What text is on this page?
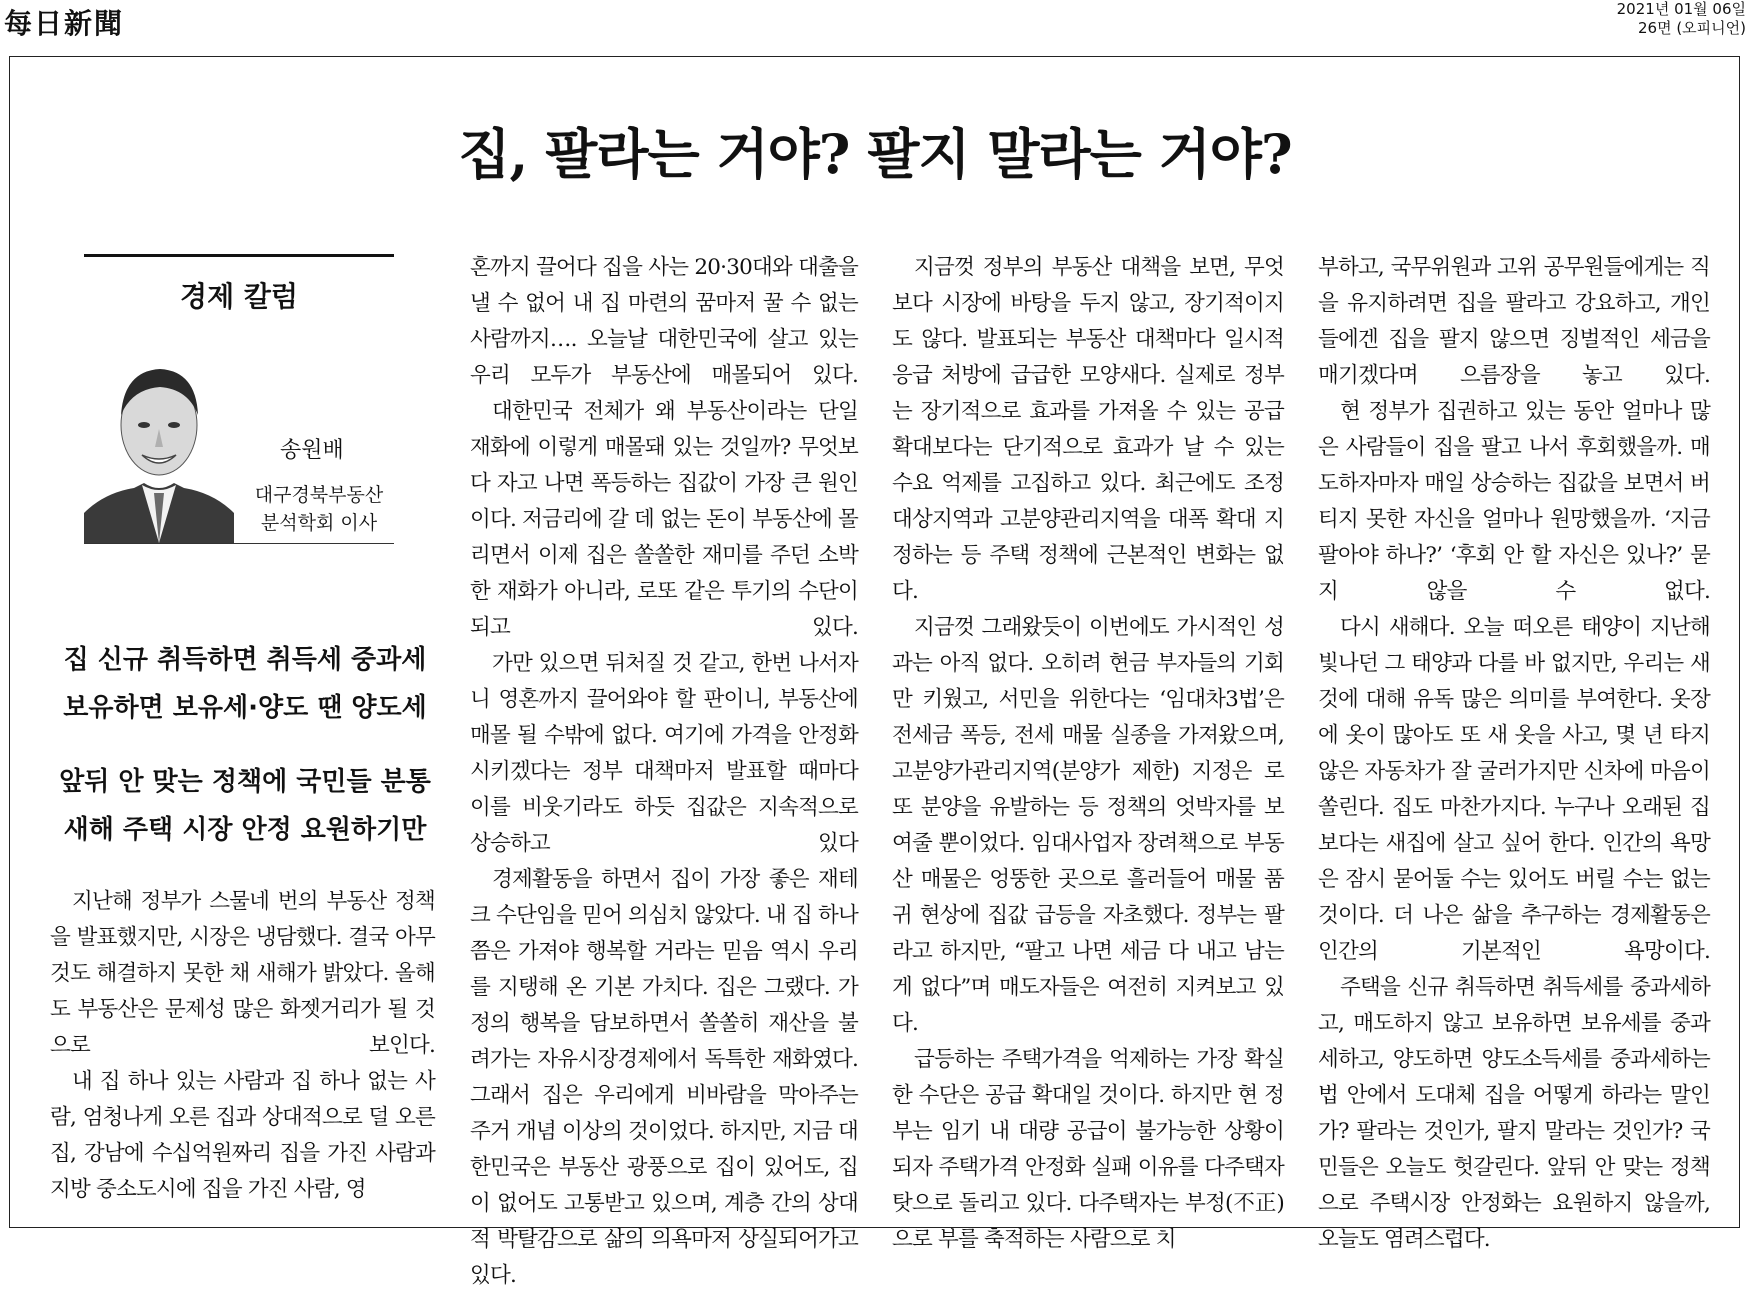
每日新聞	2021년 01월 06일
26면 (오피니언)
집, 팔라는 거야? 팔지 말라는 거야?
경제 칼럼
송원배
대구경북부동산
분석학회 이사
집 신규 취득하면 취득세 중과세
보유하면 보유세·양도 땐 양도세
앞뒤 안 맞는 정책에 국민들 분통
새해 주택 시장 안정 요원하기만

지난해 정부가 스물네 번의 부동산 정책을 발표했지만, 시장은 냉담했다. 결국 아무것도 해결하지 못한 채 새해가 밝았다. 올해도 부동산은 문제성 많은 화젯거리가 될 것으로 보인다.

내 집 하나 있는 사람과 집 하나 없는 사람, 엄청나게 오른 집과 상대적으로 덜 오른 집, 강남에 수십억원짜리 집을 가진 사람과 지방 중소도시에 집을 가진 사람, 영

혼까지 끌어다 집을 사는 20·30대와 대출을 낼 수 없어 내 집 마련의 꿈마저 꿀 수 없는 사람까지…. 오늘날 대한민국에 살고 있는 우리 모두가 부동산에 매몰되어 있다.

대한민국 전체가 왜 부동산이라는 단일 재화에 이렇게 매몰돼 있는 것일까? 무엇보다 자고 나면 폭등하는 집값이 가장 큰 원인이다. 저금리에 갈 데 없는 돈이 부동산에 몰리면서 이제 집은 쏠쏠한 재미를 주던 소박한 재화가 아니라, 로또 같은 투기의 수단이 되고 있다.

가만 있으면 뒤처질 것 같고, 한번 나서자니 영혼까지 끌어와야 할 판이니, 부동산에 매몰 될 수밖에 없다. 여기에 가격을 안정화시키겠다는 정부 대책마저 발표할 때마다 이를 비웃기라도 하듯 집값은 지속적으로 상승하고 있다

경제활동을 하면서 집이 가장 좋은 재테크 수단임을 믿어 의심치 않았다. 내 집 하나쯤은 가져야 행복할 거라는 믿음 역시 우리를 지탱해 온 기본 가치다. 집은 그랬다. 가정의 행복을 담보하면서 쏠쏠히 재산을 불려가는 자유시장경제에서 독특한 재화였다. 그래서 집은 우리에게 비바람을 막아주는 주거 개념 이상의 것이었다. 하지만, 지금 대한민국은 부동산 광풍으로 집이 있어도, 집이 없어도 고통받고 있으며, 계층 간의 상대적 박탈감으로 삶의 의욕마저 상실되어가고 있다.

지금껏 정부의 부동산 대책을 보면, 무엇보다 시장에 바탕을 두지 않고, 장기적이지도 않다. 발표되는 부동산 대책마다 일시적 응급 처방에 급급한 모양새다. 실제로 정부는 장기적으로 효과를 가져올 수 있는 공급 확대보다는 단기적으로 효과가 날 수 있는 수요 억제를 고집하고 있다. 최근에도 조정대상지역과 고분양관리지역을 대폭 확대 지정하는 등 주택 정책에 근본적인 변화는 없다.

지금껏 그래왔듯이 이번에도 가시적인 성과는 아직 없다. 오히려 현금 부자들의 기회만 키웠고, 서민을 위한다는 ‘임대차3법’은 전세금 폭등, 전세 매물 실종을 가져왔으며, 고분양가관리지역(분양가 제한) 지정은 로또 분양을 유발하는 등 정책의 엇박자를 보여줄 뿐이었다. 임대사업자 장려책으로 부동산 매물은 엉뚱한 곳으로 흘러들어 매물 품귀 현상에 집값 급등을 자초했다. 정부는 팔라고 하지만, “팔고 나면 세금 다 내고 남는 게 없다”며 매도자들은 여전히 지켜보고 있다.

급등하는 주택가격을 억제하는 가장 확실한 수단은 공급 확대일 것이다. 하지만 현 정부는 임기 내 대량 공급이 불가능한 상황이 되자 주택가격 안정화 실패 이유를 다주택자 탓으로 돌리고 있다. 다주택자는 부정(不正)으로 부를 축적하는 사람으로 치

부하고, 국무위원과 고위 공무원들에게는 직을 유지하려면 집을 팔라고 강요하고, 개인들에겐 집을 팔지 않으면 징벌적인 세금을 매기겠다며 으름장을 놓고 있다.

현 정부가 집권하고 있는 동안 얼마나 많은 사람들이 집을 팔고 나서 후회했을까. 매도하자마자 매일 상승하는 집값을 보면서 버티지 못한 자신을 얼마나 원망했을까. ‘지금 팔아야 하나?’ ‘후회 안 할 자신은 있나?’ 묻지 않을 수 없다.

다시 새해다. 오늘 떠오른 태양이 지난해 빛나던 그 태양과 다를 바 없지만, 우리는 새것에 대해 유독 많은 의미를 부여한다. 옷장에 옷이 많아도 또 새 옷을 사고, 몇 년 타지 않은 자동차가 잘 굴러가지만 신차에 마음이 쏠린다. 집도 마찬가지다. 누구나 오래된 집보다는 새집에 살고 싶어 한다. 인간의 욕망은 잠시 묻어둘 수는 있어도 버릴 수는 없는 것이다. 더 나은 삶을 추구하는 경제활동은 인간의 기본적인 욕망이다.

주택을 신규 취득하면 취득세를 중과세하고, 매도하지 않고 보유하면 보유세를 중과세하고, 양도하면 양도소득세를 중과세하는 법 안에서 도대체 집을 어떻게 하라는 말인가? 팔라는 것인가, 팔지 말라는 것인가? 국민들은 오늘도 헛갈린다. 앞뒤 안 맞는 정책으로 주택시장 안정화는 요원하지 않을까, 오늘도 염려스럽다.
